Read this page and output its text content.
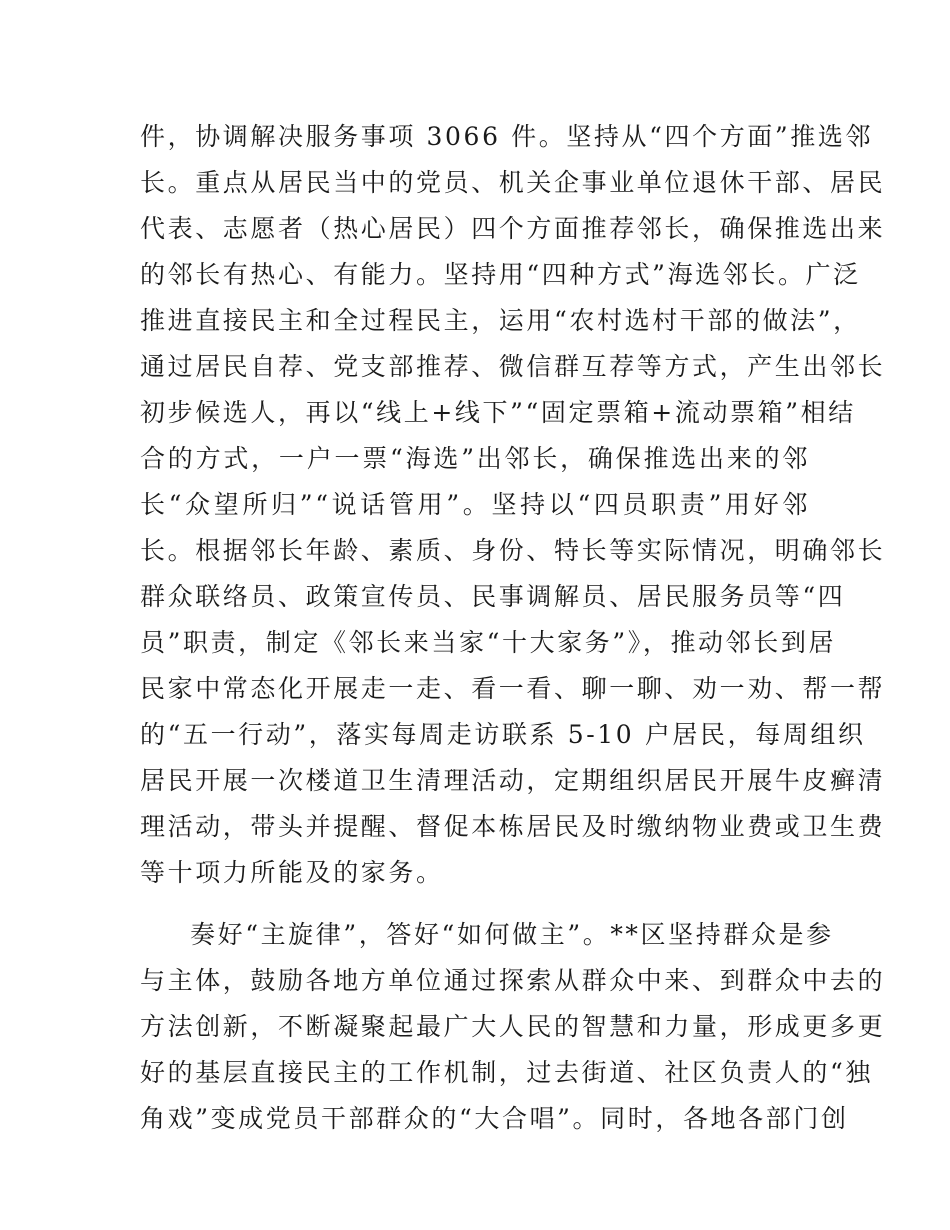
件，协调解决服务事项 3066 件。坚持从“四个方面”推选邻
长。重点从居民当中的党员、机关企事业单位退休干部、居民
代表、志愿者（热心居民）四个方面推荐邻长，确保推选出来
的邻长有热心、有能力。坚持用“四种方式”海选邻长。广泛
推进直接民主和全过程民主，运用“农村选村干部的做法”，
通过居民自荐、党支部推荐、微信群互荐等方式，产生出邻长
初步候选人，再以“线上+线下”“固定票箱+流动票箱”相结
合的方式，一户一票“海选”出邻长，确保推选出来的邻
长“众望所归”“说话管用”。坚持以“四员职责”用好邻
长。根据邻长年龄、素质、身份、特长等实际情况，明确邻长
群众联络员、政策宣传员、民事调解员、居民服务员等“四
员”职责，制定《邻长来当家“十大家务”》，推动邻长到居
民家中常态化开展走一走、看一看、聊一聊、劝一劝、帮一帮
的“五一行动”，落实每周走访联系 5-10 户居民，每周组织
居民开展一次楼道卫生清理活动，定期组织居民开展牛皮癣清
理活动，带头并提醒、督促本栋居民及时缴纳物业费或卫生费
等十项力所能及的家务。
奏好“主旋律”，答好“如何做主”。**区坚持群众是参
与主体，鼓励各地方单位通过探索从群众中来、到群众中去的
方法创新，不断凝聚起最广大人民的智慧和力量，形成更多更
好的基层直接民主的工作机制，过去街道、社区负责人的“独
角戏”变成党员干部群众的“大合唱”。同时，各地各部门创
